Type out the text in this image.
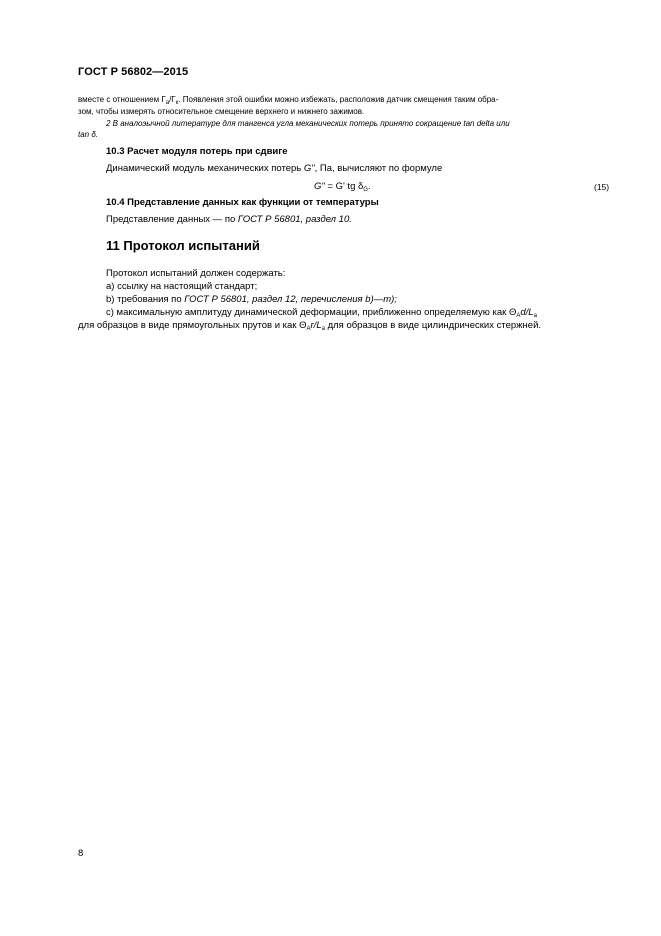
ГОСТ Р 56802—2015
вместе с отношением $\Gamma_a/\Gamma_к$. Появления этой ошибки можно избежать, расположив датчик смещения таким обра-
зом, чтобы измерять относительное смещение верхнего и нижнего зажимов.
2 В аналоэычной литературе для тангенса угла механических потерь принято сокращение tan delta или
tan δ.
10.3 Расчет модуля потерь при сдвиге
Динамический модуль механических потерь G", Па, вычисляют по формуле
G" = G' tg $\delta_G$.	(15)
10.4 Представление данных как функции от температуры
Представление данных — по ГОСТ Р 56801, раздел 10.
11 Протокол испытаний
Протокол испытаний должен содержать:
a) ссылку на настоящий стандарт;
b) требования по ГОСТ Р 56801, раздел 12, перечисления b)—m);
c) максимальную амплитуду динамической деформации, приближенно определяемую как $\Theta_Ad/L_a$
для образцов в виде прямоугольных прутов и как $\Theta_Ar/L_a$ для образцов в виде цилиндрических стержней.
8
